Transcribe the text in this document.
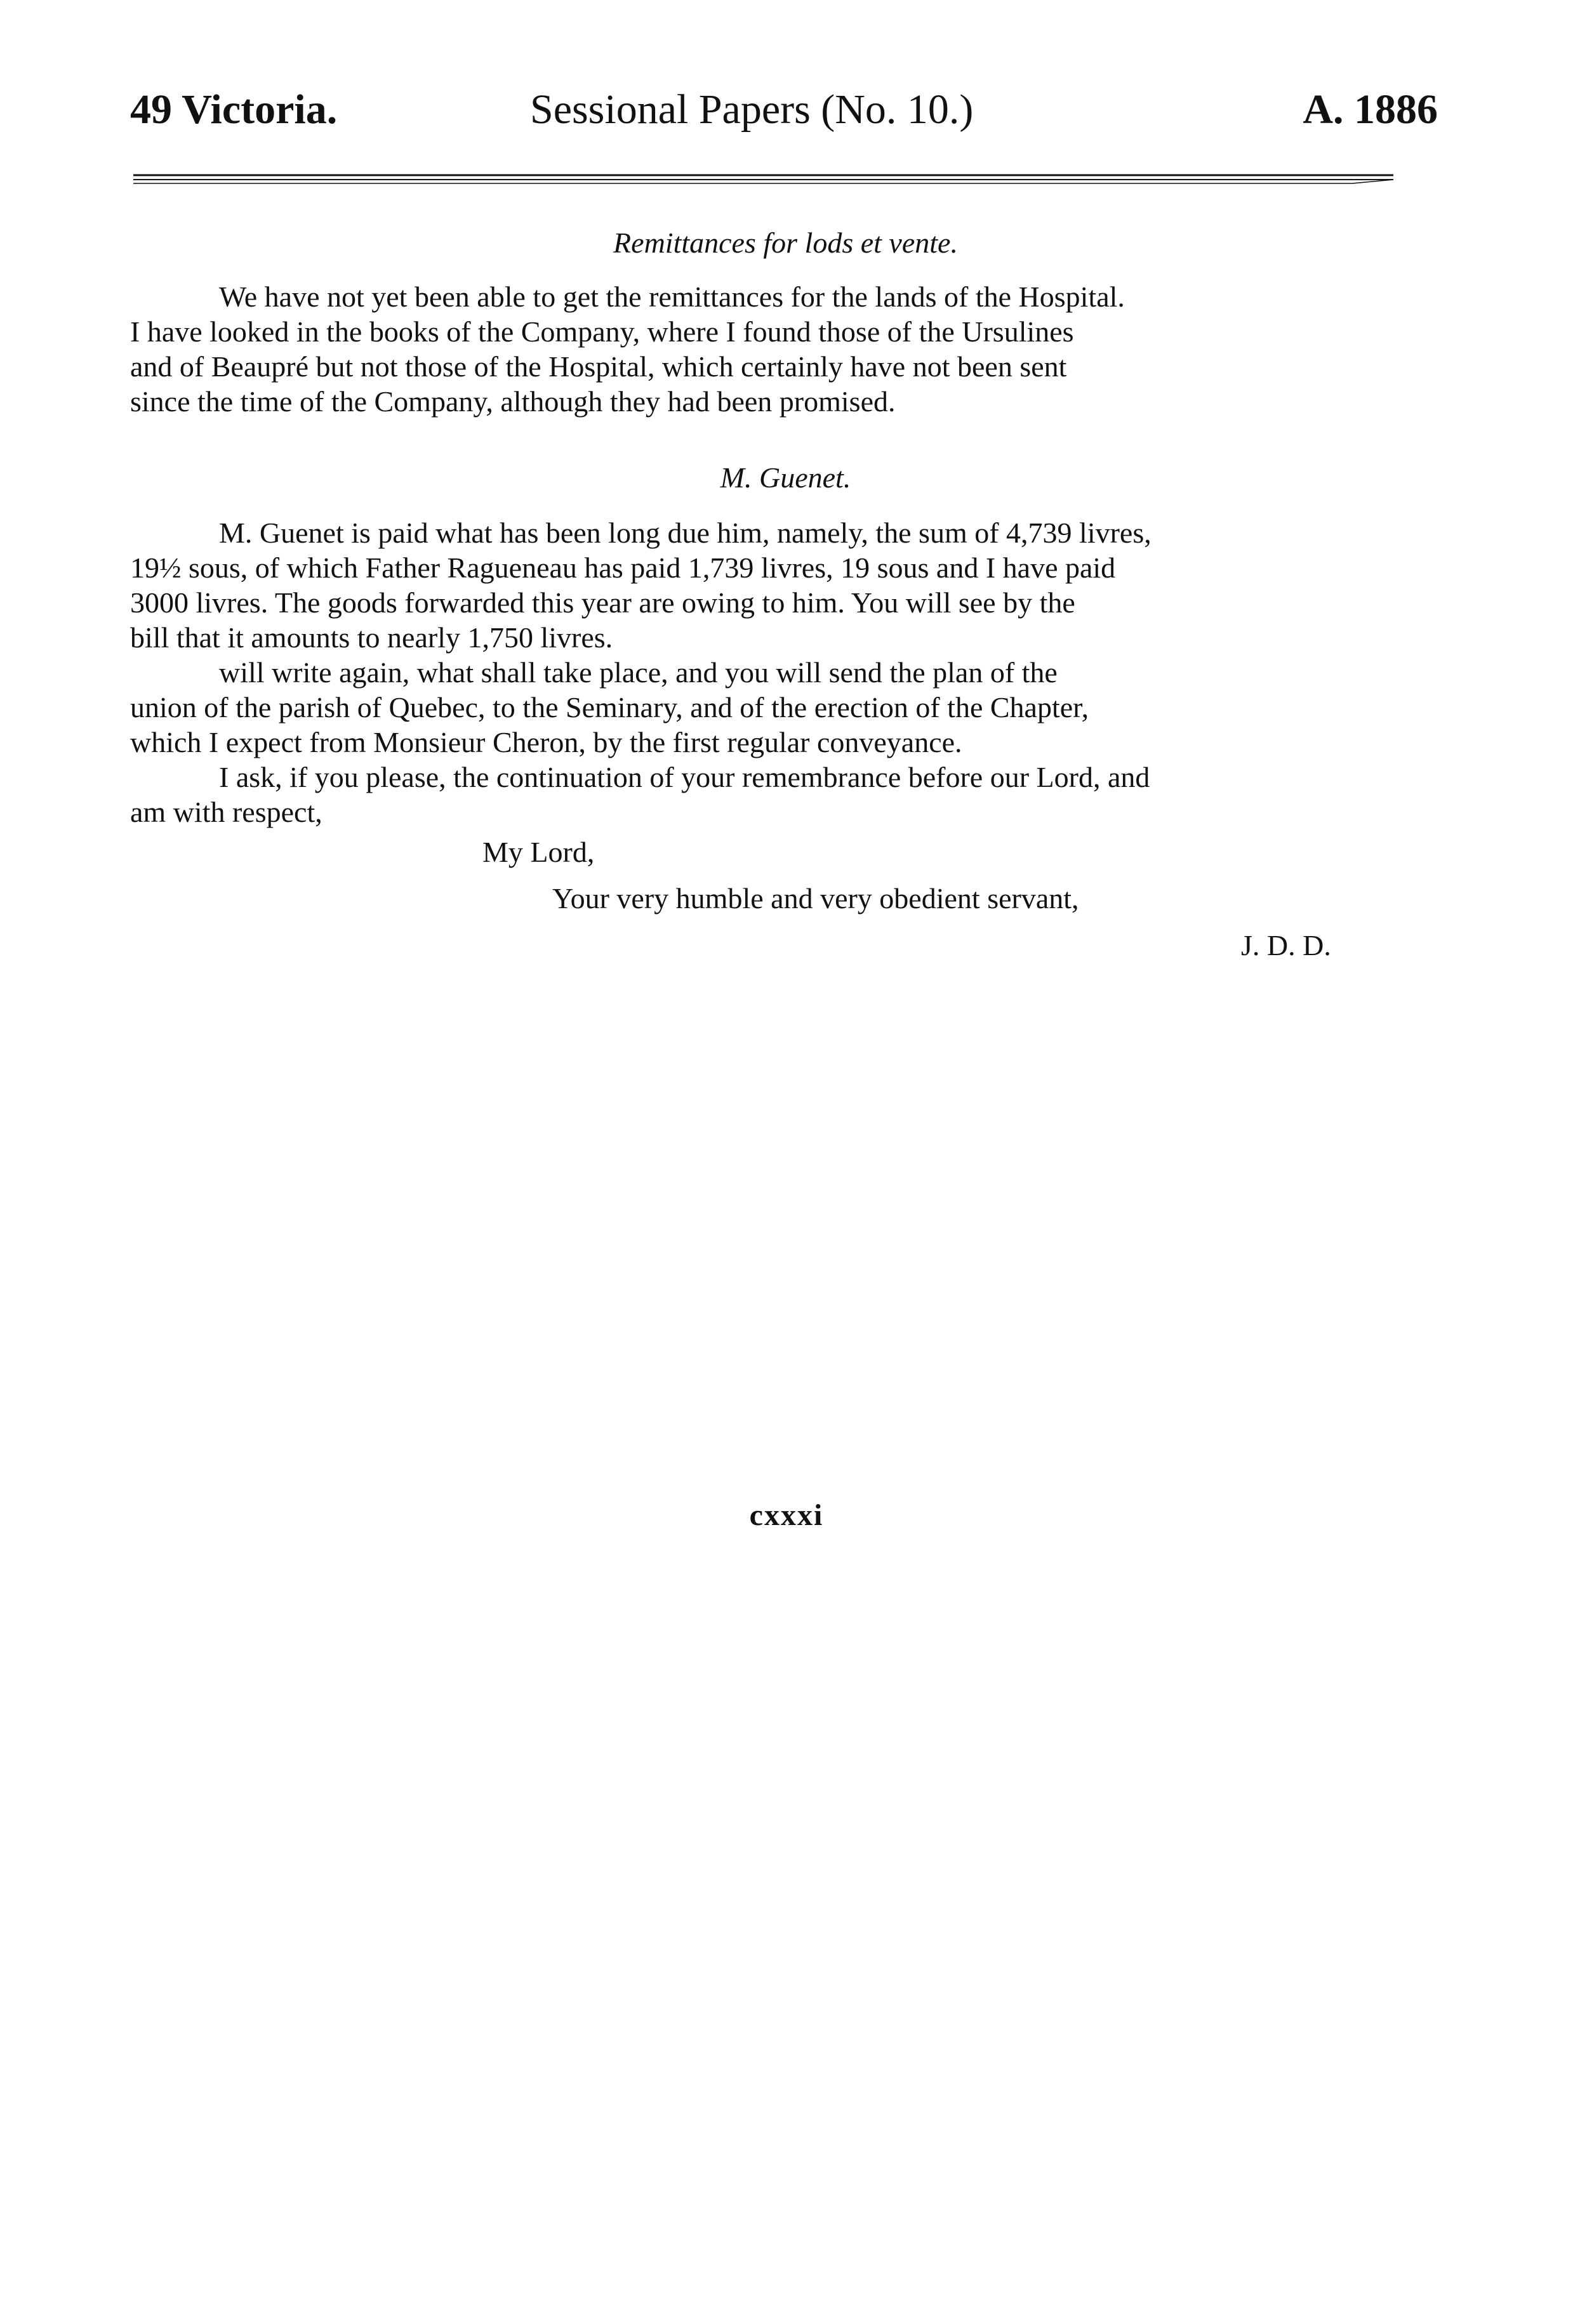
49 Victoria.	Sessional Papers (No. 10.)	A. 1886
Remittances for lods et vente.

We have not yet been able to get the remittances for the lands of the Hospital.
I have looked in the books of the Company, where I found those of the Ursulines
and of Beaupré but not those of the Hospital, which certainly have not been sent
since the time of the Company, although they had been promised.

M. Guenet.

M. Guenet is paid what has been long due him, namely, the sum of 4,739 livres,
19½ sous, of which Father Ragueneau has paid 1,739 livres, 19 sous and I have paid
3000 livres. The goods forwarded this year are owing to him. You will see by the
bill that it amounts to nearly 1,750 livres.

will write again, what shall take place, and you will send the plan of the
union of the parish of Quebec, to the Seminary, and of the erection of the Chapter,
which I expect from Monsieur Cheron, by the first regular conveyance.

I ask, if you please, the continuation of your remembrance before our Lord, and
am with respect,

My Lord,
Your very humble and very obedient servant,
J. D. D.
cxxxi
